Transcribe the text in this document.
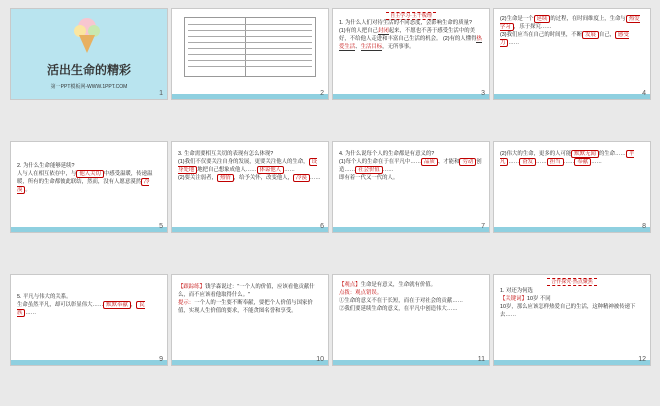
活出生命的精彩
第一PPT模板网-WWW.1PPT.COM
1	2
自主学习·主干梳理
1. 为什么人们对待生活的不同态度，会影响生命的质量?
(1)有的人把自己封闭起来，不愿也不善于感受生活中的美好，不给他人走进和丰富自己生活的机会。 (2)有的人懂得热爱生活、生活目标，无所事事。
3
(2)生命是一个 延续 的过程，在时间维度上，生命与 热爱学习 ，乐于探究……
(3)我们应当在自己的时间里，不断 发展 自己， 感受力 ……
4
2. 为什么生命能够延续?
人与人在相互依存中，与 他人关切 中感受温暖，传递温暖，所有的生命都彼此联结，然而，没有人愿意漠然 冷漠 。
5
3. 生命需要相互关切的表现有怎么体现?
(1)我们不仅要关注自身的发展，更要关注他人的生命， 设身处地 地把自己想象成他人…… 体谅他人 ……
(2)要关注弱者， 热情 ，给予关怀，改变他人， 冷漠 ……
6
4. 为什么说每个人的生命都是有意义的?
(1)每个人的生命在于在平凡中…… 品质 、才能和 劳动 创造…… 社会价值 ……
即有着一代又一代的人。
7
(2)伟大的生命，更多的人可能 默默无闻 的生命…… 平凡 …… 奋发 …… 担当 …… 奉献 ……
8
5. 平凡与伟大的关系。
生命虽然平凡，却可以彰显伟大…… 默默奉献 ， 民族 ……
9
【跟踪练】钱学森说过："一个人的价值，应该看他贡献什么，而不应该看他取得什么。"
提示：一个人的一生要不断奉献，要把个人价值与国家价值，实现人生价值的要求，不能贪图名誉和享受。
10
【观点】生命是有意义，生命就有价值。
点拨：观点错误。
①生命的意义不在于长短，而在于对社会的贡献……
②我们要延续生命的意义，在平凡中创造伟大……
11
合作探究·热点聚焦
1. 对还为何选
【关键词】10岁 不同
10岁，那么应该怎样热爱自己的生活，这种精神被传递下去……
12
